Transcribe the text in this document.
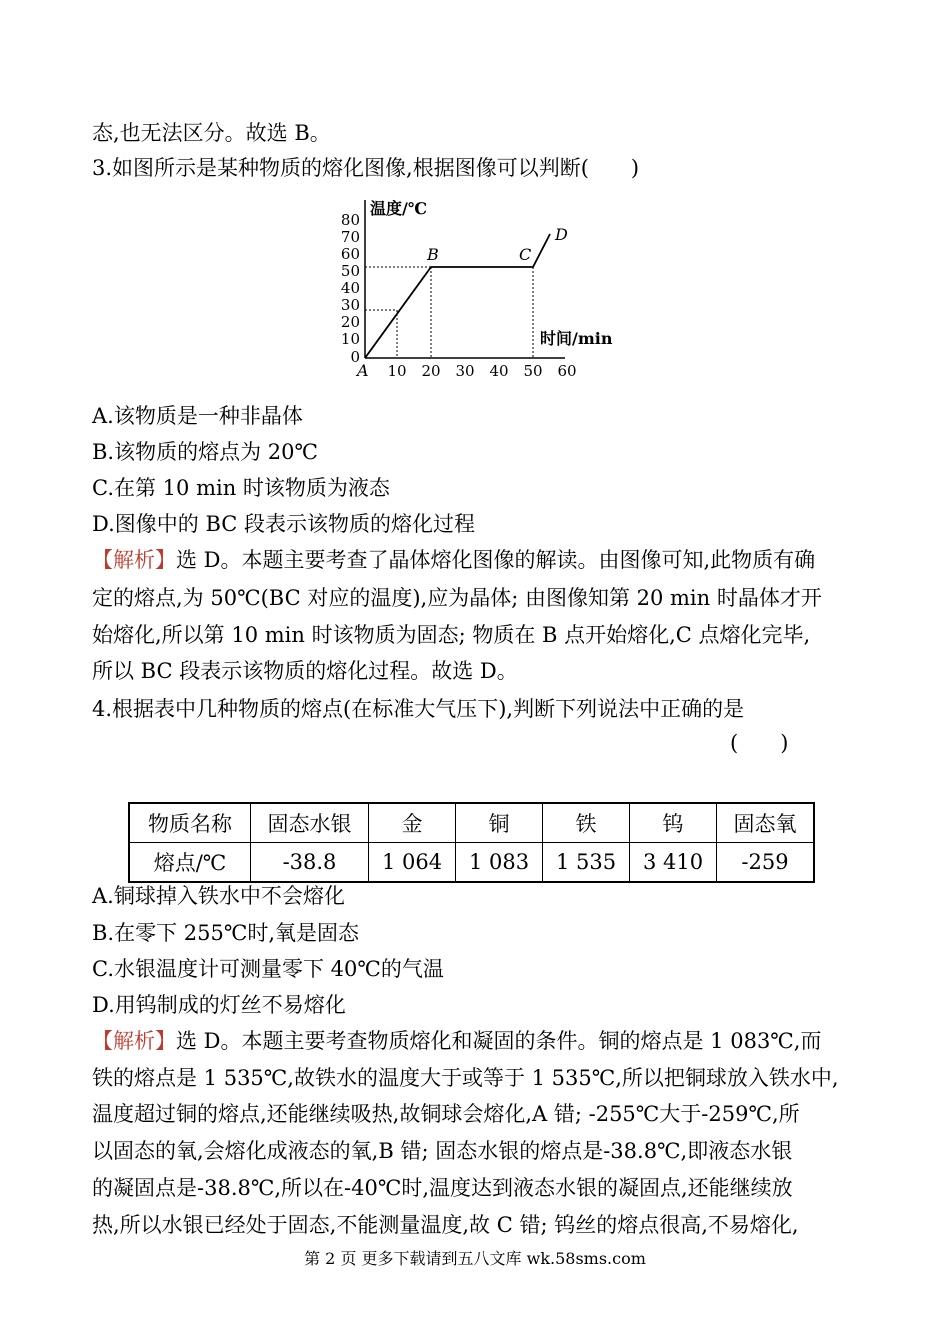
态,也无法区分。故选 B。
3.如图所示是某种物质的熔化图像,根据图像可以判断(　　)
80
70
60
50
40
30
20
10
0
温度/℃
10 20 30 40 50 60
时间/min
A
B	C
D
A.该物质是一种非晶体
B.该物质的熔点为 20℃
C.在第 10 min 时该物质为液态
D.图像中的 BC 段表示该物质的熔化过程
【解析】选 D。本题主要考查了晶体熔化图像的解读。由图像可知,此物质有确
定的熔点,为 50℃(BC 对应的温度),应为晶体; 由图像知第 20 min 时晶体才开
始熔化,所以第 10 min 时该物质为固态; 物质在 B 点开始熔化,C 点熔化完毕,
所以 BC 段表示该物质的熔化过程。故选 D。
4.根据表中几种物质的熔点(在标准大气压下),判断下列说法中正确的是
(　　)
物质名称	固态水银	金	铜	铁	钨	固态氧
熔点/℃	-38.8	1 064	1 083	1 535	3 410	-259
A.铜球掉入铁水中不会熔化
B.在零下 255℃时,氧是固态
C.水银温度计可测量零下 40℃的气温
D.用钨制成的灯丝不易熔化
【解析】选 D。本题主要考查物质熔化和凝固的条件。铜的熔点是 1 083℃,而
铁的熔点是 1 535℃,故铁水的温度大于或等于 1 535℃,所以把铜球放入铁水中,
温度超过铜的熔点,还能继续吸热,故铜球会熔化,A 错; -255℃大于-259℃,所
以固态的氧,会熔化成液态的氧,B 错; 固态水银的熔点是-38.8℃,即液态水银
的凝固点是-38.8℃,所以在-40℃时,温度达到液态水银的凝固点,还能继续放
热,所以水银已经处于固态,不能测量温度,故 C 错; 钨丝的熔点很高,不易熔化,
第 2 页 更多下载请到五八文库 wk.58sms.com
